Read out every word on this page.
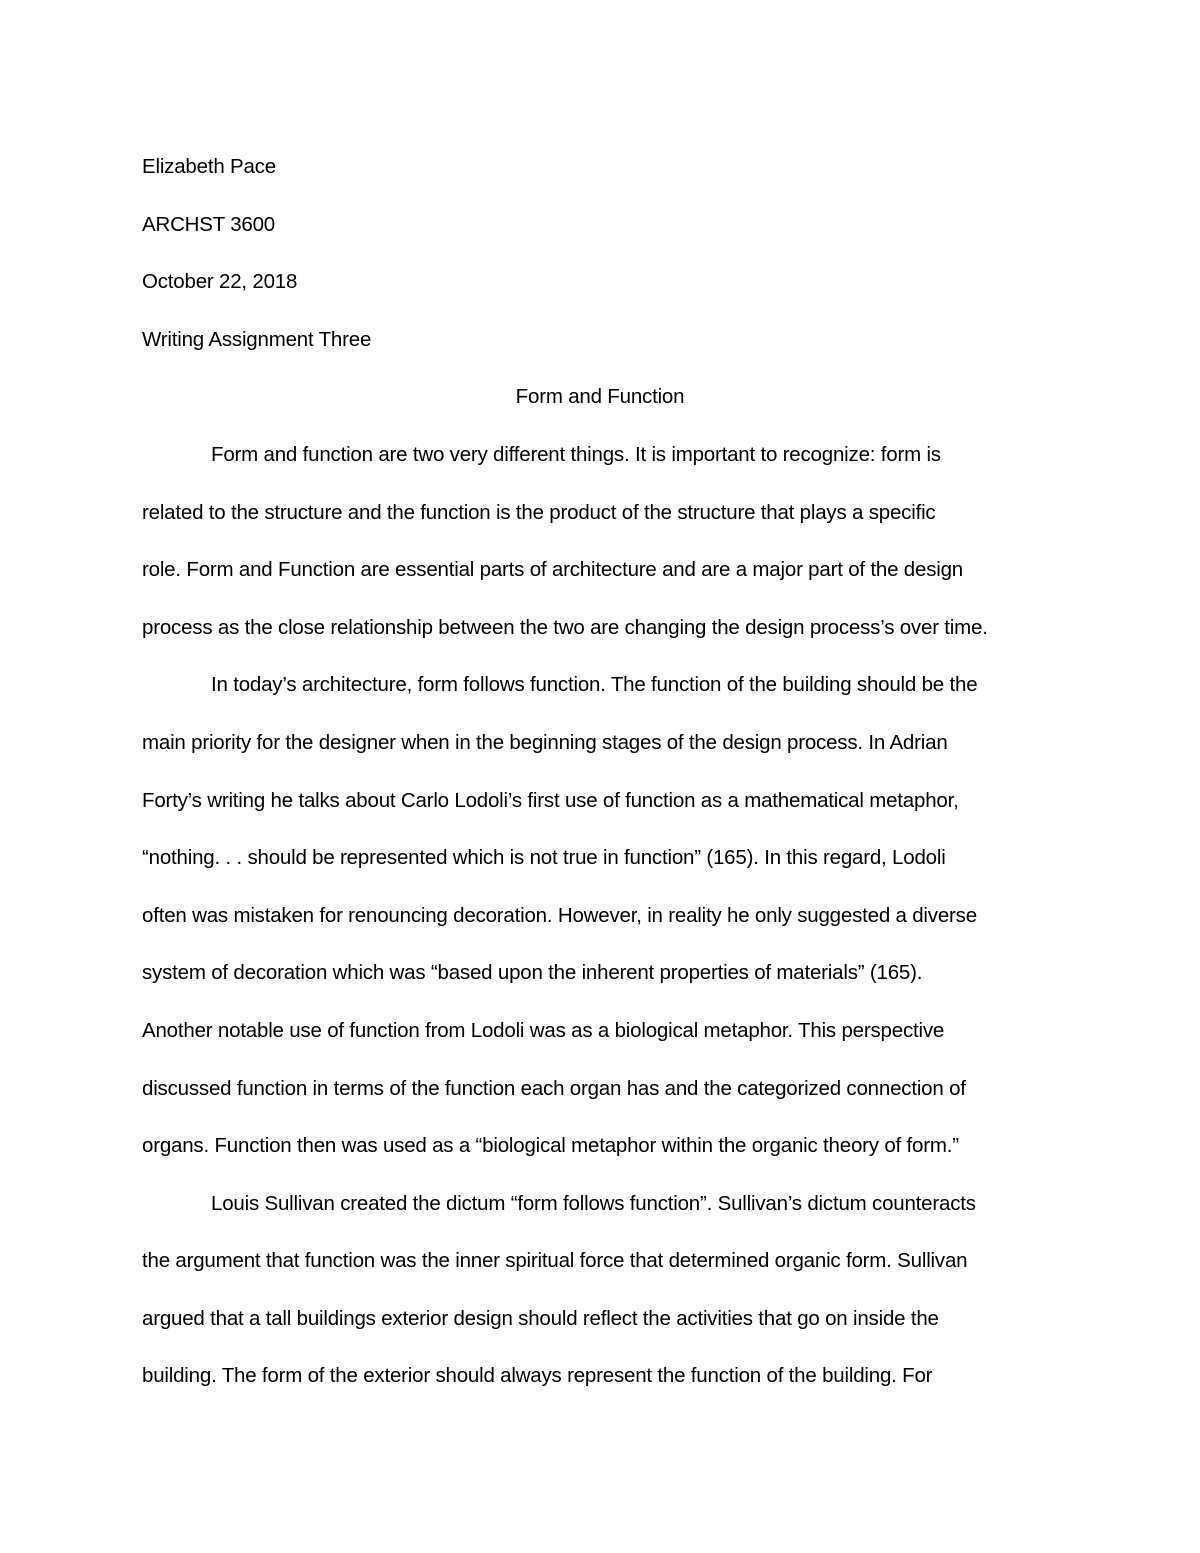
Elizabeth Pace
ARCHST 3600
October 22, 2018
Writing Assignment Three
Form and Function
Form and function are two very different things. It is important to recognize: form is
related to the structure and the function is the product of the structure that plays a specific
role. Form and Function are essential parts of architecture and are a major part of the design
process as the close relationship between the two are changing the design process’s over time.
In today’s architecture, form follows function. The function of the building should be the
main priority for the designer when in the beginning stages of the design process. In Adrian
Forty’s writing he talks about Carlo Lodoli’s first use of function as a mathematical metaphor,
“nothing. . . should be represented which is not true in function” (165). In this regard, Lodoli
often was mistaken for renouncing decoration. However, in reality he only suggested a diverse
system of decoration which was “based upon the inherent properties of materials” (165).
Another notable use of function from Lodoli was as a biological metaphor. This perspective
discussed function in terms of the function each organ has and the categorized connection of
organs. Function then was used as a “biological metaphor within the organic theory of form.”
Louis Sullivan created the dictum “form follows function”. Sullivan’s dictum counteracts
the argument that function was the inner spiritual force that determined organic form. Sullivan
argued that a tall buildings exterior design should reflect the activities that go on inside the
building. The form of the exterior should always represent the function of the building. For
